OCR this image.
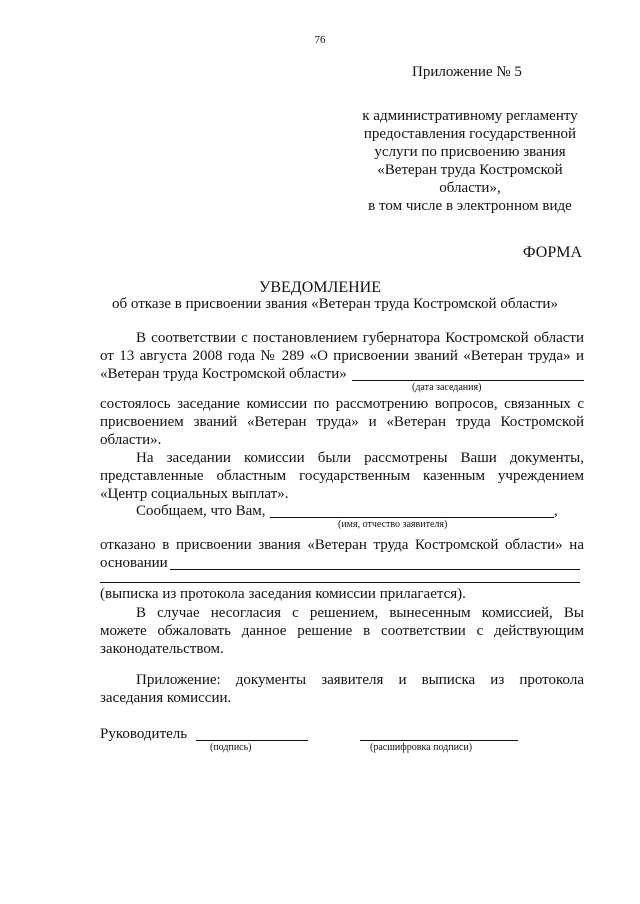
76
Приложение № 5
к административному регламенту
предоставления государственной
услуги по присвоению звания
«Ветеран труда Костромской
области»,
в том числе в электронном виде
ФОРМА
УВЕДОМЛЕНИЕ
об отказе в присвоении звания «Ветеран труда Костромской области»
В соответствии с постановлением губернатора Костромской области
от 13 августа 2008 года № 289 «О присвоении званий «Ветеран труда» и
«Ветеран труда Костромской области»
(дата заседания)
состоялось заседание комиссии по рассмотрению вопросов, связанных с
присвоением званий «Ветеран труда» и «Ветеран труда Костромской
области».
На заседании комиссии были рассмотрены Ваши документы,
представленные областным государственным казенным учреждением
«Центр социальных выплат».
Сообщаем, что Вам,	,
(имя, отчество заявителя)
отказано в присвоении звания «Ветеран труда Костромской области» на
основании
(выписка из протокола заседания комиссии прилагается).
В случае несогласия с решением, вынесенным комиссией, Вы
можете обжаловать данное решение в соответствии с действующим
законодательством.
Приложение: документы заявителя и выписка из протокола
заседания комиссии.
Руководитель
(подпись)	(расшифровка подписи)
